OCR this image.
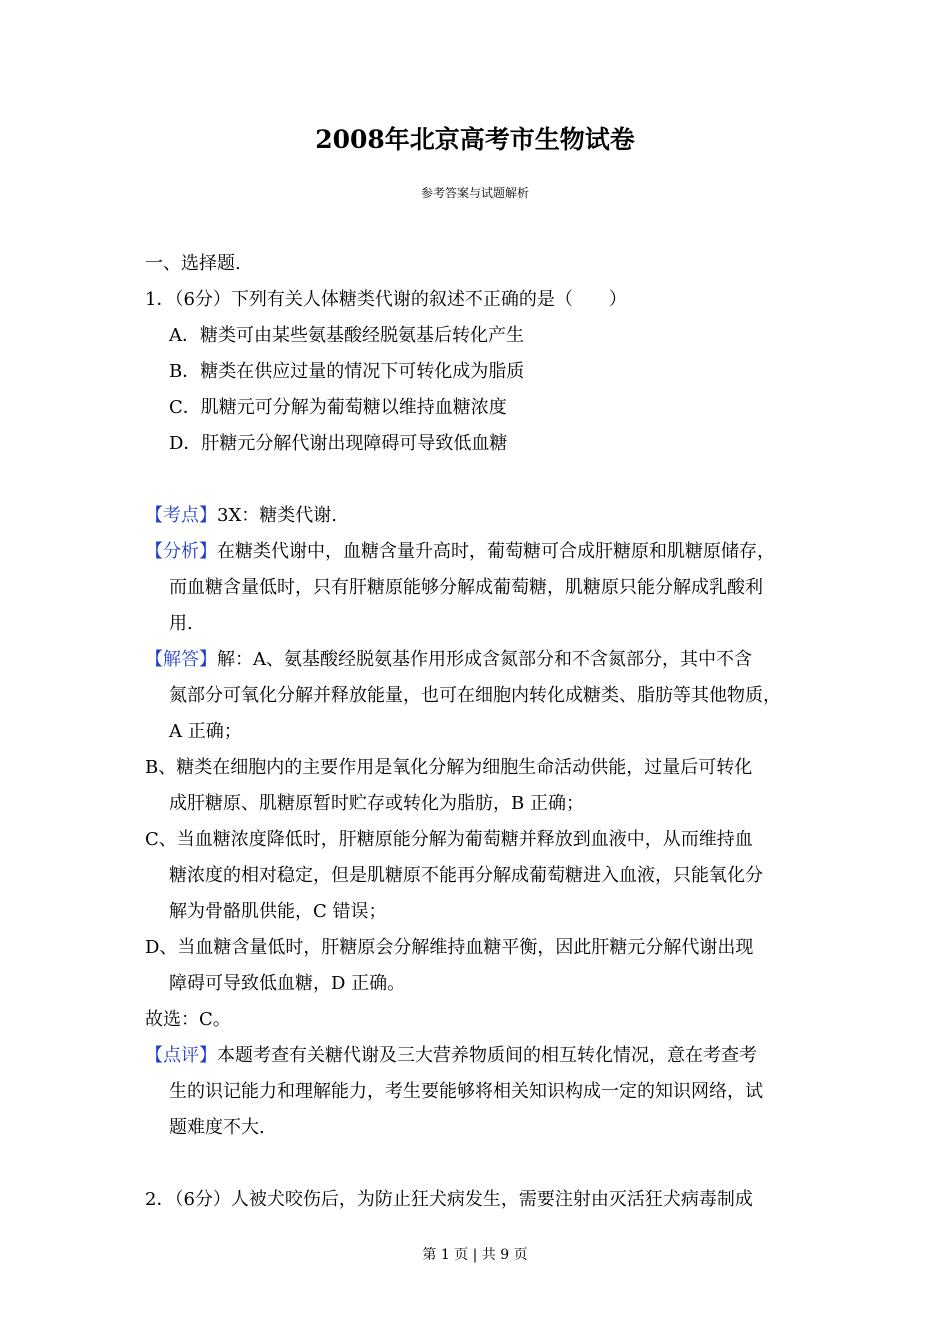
2008年北京高考市生物试卷
参考答案与试题解析
一、选择题.
1．（6分）下列有关人体糖类代谢的叙述不正确的是（　　）
A．糖类可由某些氨基酸经脱氨基后转化产生
B．糖类在供应过量的情况下可转化成为脂质
C．肌糖元可分解为葡萄糖以维持血糖浓度
D．肝糖元分解代谢出现障碍可导致低血糖
【考点】3X：糖类代谢.
【分析】在糖类代谢中，血糖含量升高时，葡萄糖可合成肝糖原和肌糖原储存，
而血糖含量低时，只有肝糖原能够分解成葡萄糖，肌糖原只能分解成乳酸利
用.
【解答】解：A、氨基酸经脱氨基作用形成含氮部分和不含氮部分，其中不含
氮部分可氧化分解并释放能量，也可在细胞内转化成糖类、脂肪等其他物质，
A 正确；
B、糖类在细胞内的主要作用是氧化分解为细胞生命活动供能，过量后可转化
成肝糖原、肌糖原暂时贮存或转化为脂肪，B 正确；
C、当血糖浓度降低时，肝糖原能分解为葡萄糖并释放到血液中，从而维持血
糖浓度的相对稳定，但是肌糖原不能再分解成葡萄糖进入血液，只能氧化分
解为骨骼肌供能，C 错误；
D、当血糖含量低时，肝糖原会分解维持血糖平衡，因此肝糖元分解代谢出现
障碍可导致低血糖，D 正确。
故选：C。
【点评】本题考查有关糖代谢及三大营养物质间的相互转化情况，意在考查考
生的识记能力和理解能力，考生要能够将相关知识构成一定的知识网络，试
题难度不大.
2．（6分）人被犬咬伤后，为防止狂犬病发生，需要注射由灭活狂犬病毒制成
第 1 页 | 共 9 页
